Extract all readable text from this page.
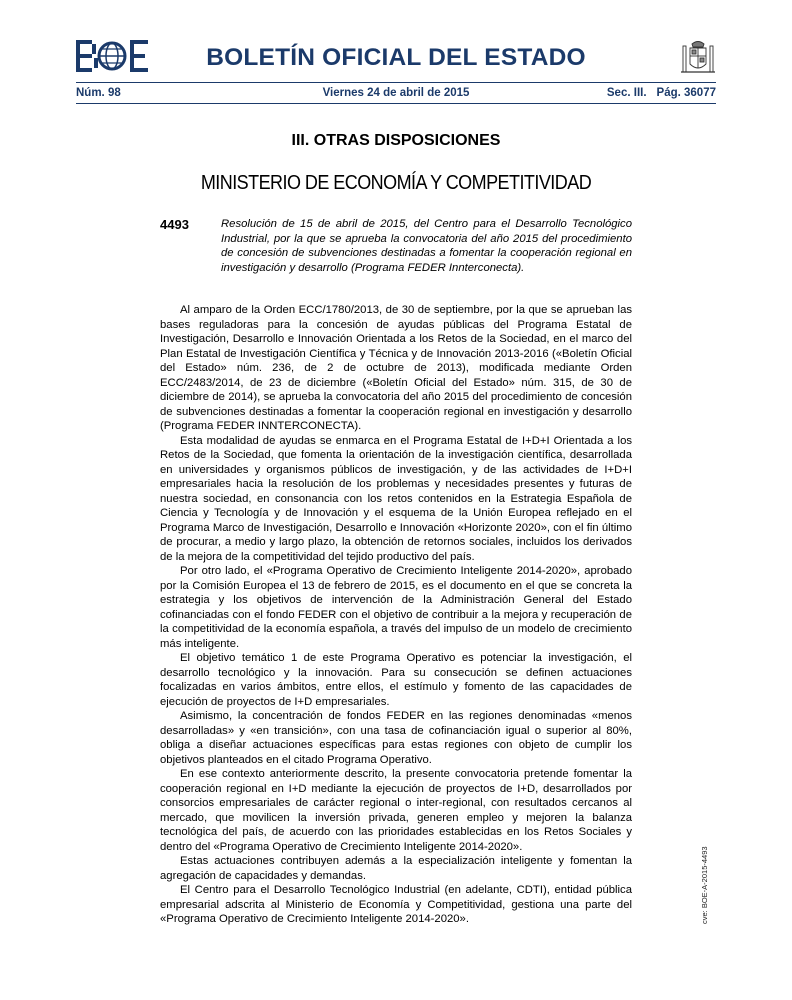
BOLETÍN OFICIAL DEL ESTADO
Núm. 98	Viernes 24 de abril de 2015	Sec. III. Pág. 36077
III. OTRAS DISPOSICIONES
MINISTERIO DE ECONOMÍA Y COMPETITIVIDAD
4493	Resolución de 15 de abril de 2015, del Centro para el Desarrollo Tecnológico Industrial, por la que se aprueba la convocatoria del año 2015 del procedimiento de concesión de subvenciones destinadas a fomentar la cooperación regional en investigación y desarrollo (Programa FEDER Innterconecta).

Al amparo de la Orden ECC/1780/2013, de 30 de septiembre, por la que se aprueban las bases reguladoras para la concesión de ayudas públicas del Programa Estatal de Investigación, Desarrollo e Innovación Orientada a los Retos de la Sociedad, en el marco del Plan Estatal de Investigación Científica y Técnica y de Innovación 2013-2016 («Boletín Oficial del Estado» núm. 236, de 2 de octubre de 2013), modificada mediante Orden ECC/2483/2014, de 23 de diciembre («Boletín Oficial del Estado» núm. 315, de 30 de diciembre de 2014), se aprueba la convocatoria del año 2015 del procedimiento de concesión de subvenciones destinadas a fomentar la cooperación regional en investigación y desarrollo (Programa FEDER INNTERCONECTA).

Esta modalidad de ayudas se enmarca en el Programa Estatal de I+D+I Orientada a los Retos de la Sociedad, que fomenta la orientación de la investigación científica, desarrollada en universidades y organismos públicos de investigación, y de las actividades de I+D+I empresariales hacia la resolución de los problemas y necesidades presentes y futuras de nuestra sociedad, en consonancia con los retos contenidos en la Estrategia Española de Ciencia y Tecnología y de Innovación y el esquema de la Unión Europea reflejado en el Programa Marco de Investigación, Desarrollo e Innovación «Horizonte 2020», con el fin último de procurar, a medio y largo plazo, la obtención de retornos sociales, incluidos los derivados de la mejora de la competitividad del tejido productivo del país.

Por otro lado, el «Programa Operativo de Crecimiento Inteligente 2014-2020», aprobado por la Comisión Europea el 13 de febrero de 2015, es el documento en el que se concreta la estrategia y los objetivos de intervención de la Administración General del Estado cofinanciadas con el fondo FEDER con el objetivo de contribuir a la mejora y recuperación de la competitividad de la economía española, a través del impulso de un modelo de crecimiento más inteligente.

El objetivo temático 1 de este Programa Operativo es potenciar la investigación, el desarrollo tecnológico y la innovación. Para su consecución se definen actuaciones focalizadas en varios ámbitos, entre ellos, el estímulo y fomento de las capacidades de ejecución de proyectos de I+D empresariales.

Asimismo, la concentración de fondos FEDER en las regiones denominadas «menos desarrolladas» y «en transición», con una tasa de cofinanciación igual o superior al 80%, obliga a diseñar actuaciones específicas para estas regiones con objeto de cumplir los objetivos planteados en el citado Programa Operativo.

En ese contexto anteriormente descrito, la presente convocatoria pretende fomentar la cooperación regional en I+D mediante la ejecución de proyectos de I+D, desarrollados por consorcios empresariales de carácter regional o inter-regional, con resultados cercanos al mercado, que movilicen la inversión privada, generen empleo y mejoren la balanza tecnológica del país, de acuerdo con las prioridades establecidas en los Retos Sociales y dentro del «Programa Operativo de Crecimiento Inteligente 2014-2020».

Estas actuaciones contribuyen además a la especialización inteligente y fomentan la agregación de capacidades y demandas.

El Centro para el Desarrollo Tecnológico Industrial (en adelante, CDTI), entidad pública empresarial adscrita al Ministerio de Economía y Competitividad, gestiona una parte del «Programa Operativo de Crecimiento Inteligente 2014-2020».	cve: BOE-A-2015-4493
